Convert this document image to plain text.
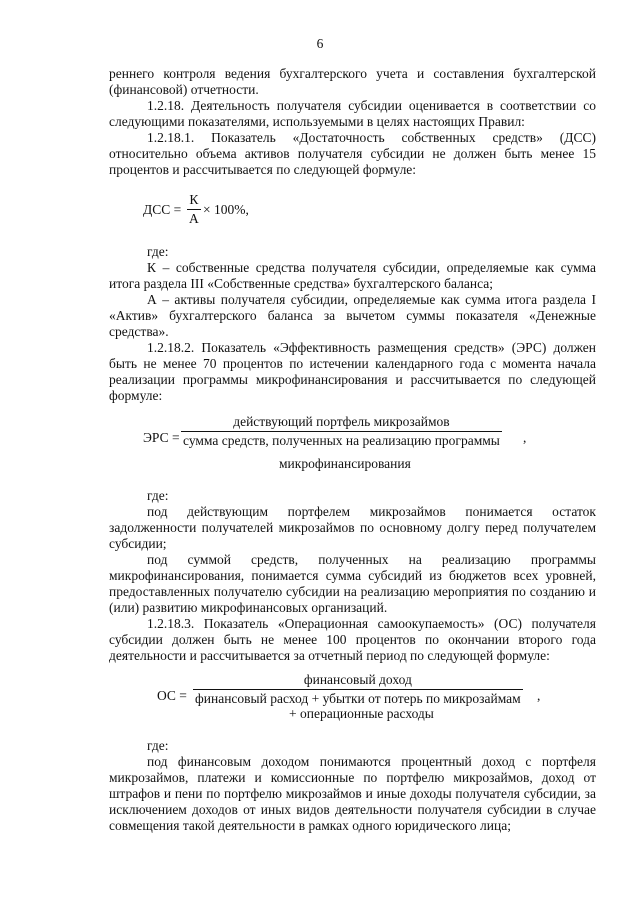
6

реннего контроля ведения бухгалтерского учета и составления бухгалтерской (финансовой) отчетности.

1.2.18. Деятельность получателя субсидии оценивается в соответствии со следующими показателями, используемыми в целях настоящих Правил:

1.2.18.1. Показатель «Достаточность собственных средств» (ДСС) относительно объема активов получателя субсидии не должен быть менее 15 процентов и рассчитывается по следующей формуле:

ДСС =
К
А
× 100%,

где:

К – собственные средства получателя субсидии, определяемые как сумма итога раздела III «Собственные средства» бухгалтерского баланса;

А – активы получателя субсидии, определяемые как сумма итога раздела I «Актив» бухгалтерского баланса за вычетом суммы показателя «Денежные средства».

1.2.18.2. Показатель «Эффективность размещения средств» (ЭРС) должен быть не менее 70 процентов по истечении календарного года с момента начала реализации программы микрофинансирования и рассчитывается по следующей формуле:

ЭРС =
действующий портфель микрозаймов
сумма средств, полученных на реализацию программы ,
микрофинансирования

где:

под действующим портфелем микрозаймов понимается остаток задолженности получателей микрозаймов по основному долгу перед получателем субсидии;

под суммой средств, полученных на реализацию программы микрофинансирования, понимается сумма субсидий из бюджетов всех уровней, предоставленных получателю субсидии на реализацию мероприятия по созданию и (или) развитию микрофинансовых организаций.

1.2.18.3. Показатель «Операционная самоокупаемость» (ОС) получателя субсидии должен быть не менее 100 процентов по окончании второго года деятельности и рассчитывается за отчетный период по следующей формуле:

ОС =
финансовый доход
финансовый расход + убытки от потерь по микрозаймам ,
+ операционные расходы

где:

под финансовым доходом понимаются процентный доход с портфеля микрозаймов, платежи и комиссионные по портфелю микрозаймов, доход от штрафов и пени по портфелю микрозаймов и иные доходы получателя субсидии, за исключением доходов от иных видов деятельности получателя субсидии в случае совмещения такой деятельности в рамках одного юридического лица;
